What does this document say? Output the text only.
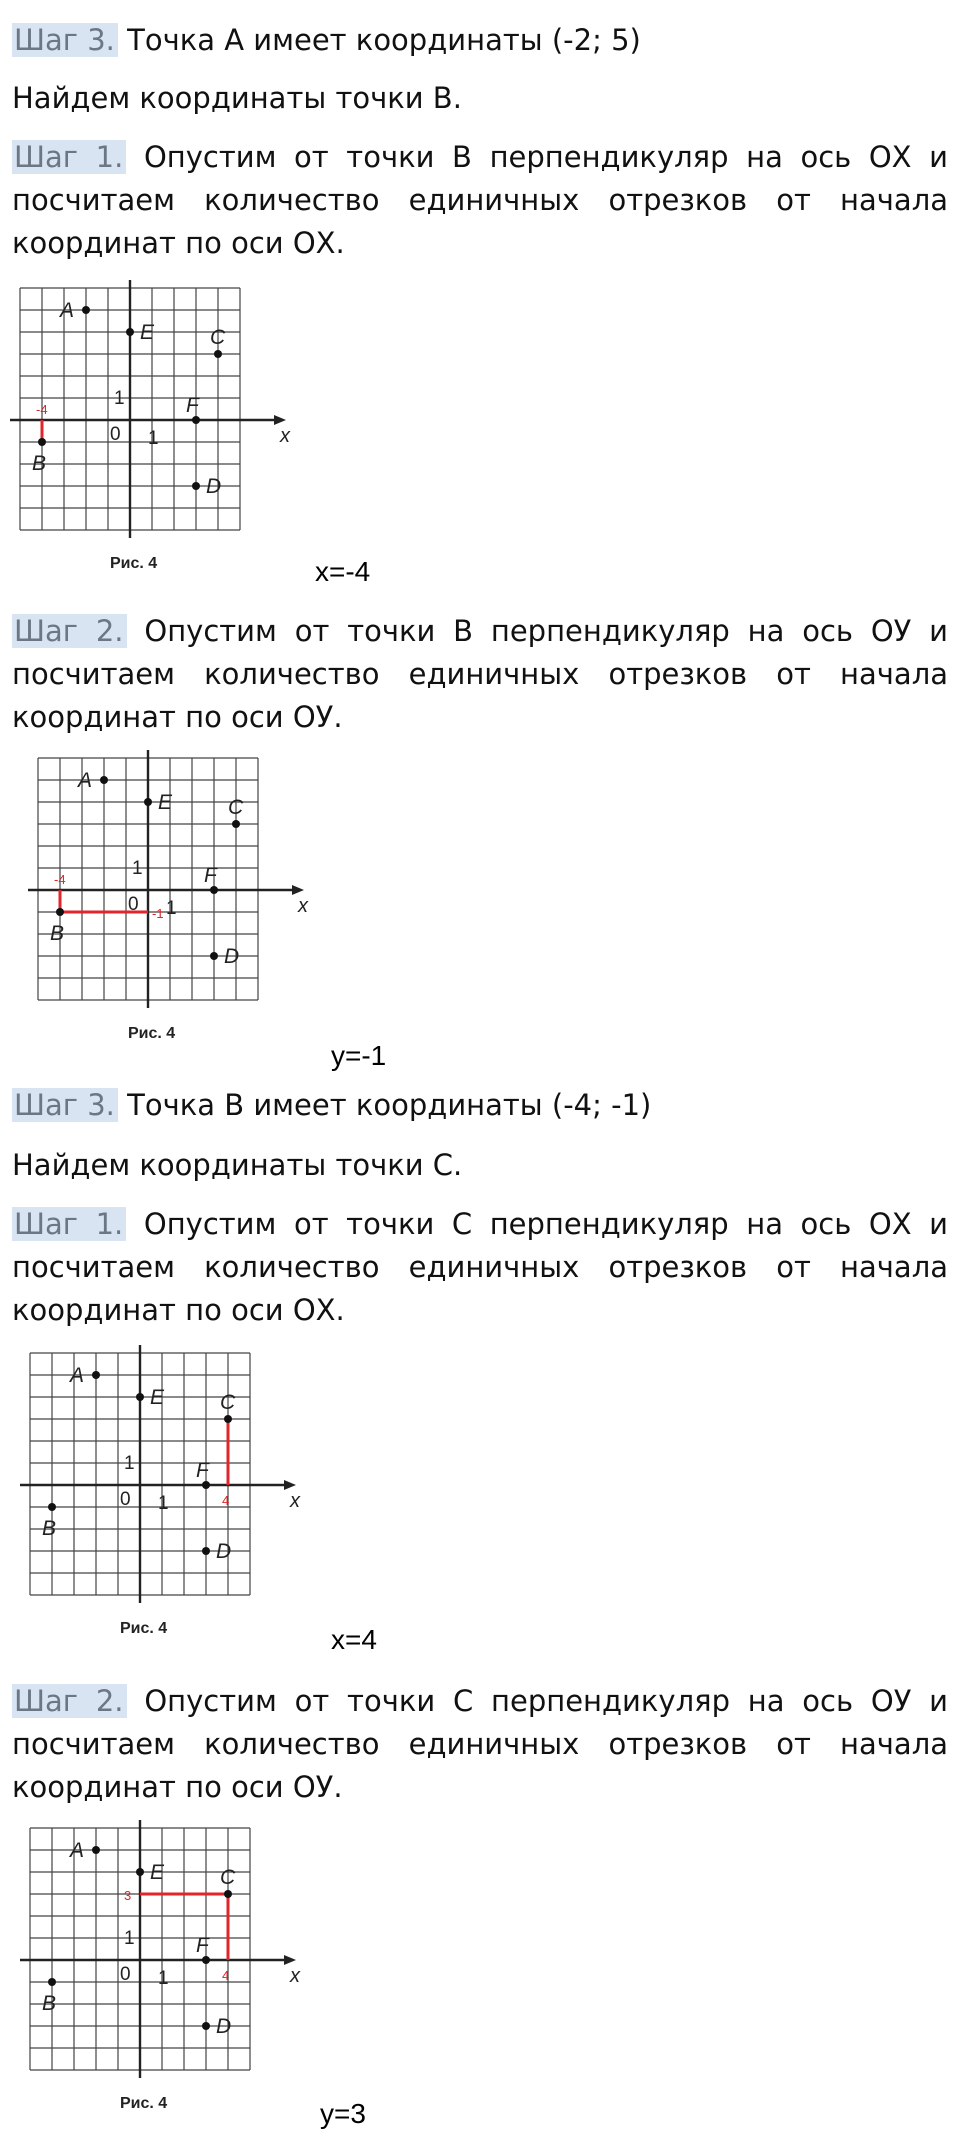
Шаг 3. Точка А имеет координаты (-2; 5)
Найдем координаты точки В.
Шаг 1. Опустим от точки В перпендикуляр на ось ОХ и посчитаем количество единичных отрезков от начала координат по оси ОХ.
x
0 1
1
A
B
C
D
E
F
-4
Рис. 4	x=-4
Шаг 2. Опустим от точки В перпендикуляр на ось ОУ и посчитаем количество единичных отрезков от начала координат по оси ОУ.
x
0 1
1
A
B
C
D
E
F
-4
-1
Рис. 4
y=-1
Шаг 3. Точка В имеет координаты (-4; -1)
Найдем координаты точки С.
Шаг 1. Опустим от точки С перпендикуляр на ось ОХ и посчитаем количество единичных отрезков от начала координат по оси ОХ.
x
0 1
1
A
B
C
D
E
F
4
Рис. 4	x=4
Шаг 2. Опустим от точки С перпендикуляр на ось ОУ и посчитаем количество единичных отрезков от начала координат по оси ОУ.
x
0 1
1
A
B
C
D
E
F
4
3
Рис. 4	y=3
